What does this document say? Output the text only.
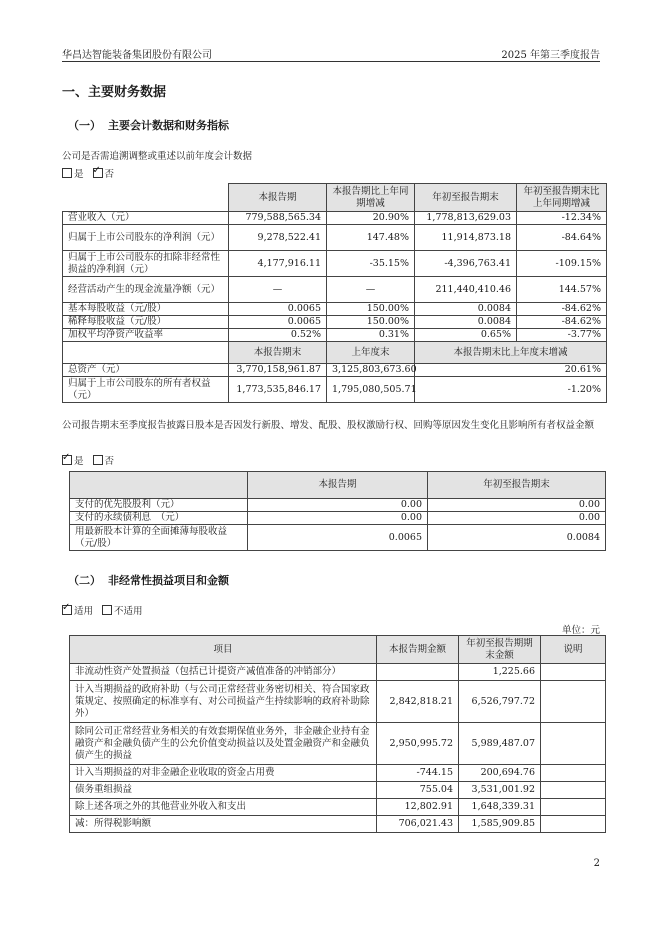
华昌达智能装备集团股份有限公司	2025 年第三季度报告
一、主要财务数据
（一） 主要会计数据和财务指标
公司是否需追溯调整或重述以前年度会计数据
是 ✓ 否
	本报告期	本报告期比上年同期增减	年初至报告期末	年初至报告期末比上年同期增减
营业收入（元）	779,588,565.34	20.90%	1,778,813,629.03	-12.34%
归属于上市公司股东的净利润（元）	9,278,522.41	147.48%	11,914,873.18	-84.64%
归属于上市公司股东的扣除非经常性损益的净利润（元）	4,177,916.11	-35.15%	-4,396,763.41	-109.15%
经营活动产生的现金流量净额（元）	—	—	211,440,410.46	144.57%
基本每股收益（元/股）	0.0065	150.00%	0.0084	-84.62%
稀释每股收益（元/股）	0.0065	150.00%	0.0084	-84.62%
加权平均净资产收益率	0.52%	0.31%	0.65%	-3.77%
	本报告期末	上年度末	本报告期末比上年度末增减	
总资产（元）	3,770,158,961.87	3,125,803,673.60	20.61%	
归属于上市公司股东的所有者权益（元）	1,773,535,846.17	1,795,080,505.71	-1.20%	
公司报告期末至季度报告披露日股本是否因发行新股、增发、配股、股权激励行权、回购等原因发生变化且影响所有者权益金额
✓是 否
	本报告期	年初至报告期末
支付的优先股股利（元）	0.00	0.00
支付的永续债利息　（元）	0.00	0.00
用最新股本计算的全面摊薄每股收益（元/股）	0.0065	0.0084
（二） 非经常性损益项目和金额
✓适用 不适用
单位：元
项目	本报告期金额	年初至报告期期末金额	说明
非流动性资产处置损益（包括已计提资产减值准备的冲销部分）		1,225.66	
计入当期损益的政府补助（与公司正常经营业务密切相关、符合国家政策规定、按照确定的标准享有、对公司损益产生持续影响的政府补助除外）	2,842,818.21	6,526,797.72	
除同公司正常经营业务相关的有效套期保值业务外，非金融企业持有金融资产和金融负债产生的公允价值变动损益以及处置金融资产和金融负债产生的损益	2,950,995.72	5,989,487.07	
计入当期损益的对非金融企业收取的资金占用费	-744.15	200,694.76	
债务重组损益	755.04	3,531,001.92	
除上述各项之外的其他营业外收入和支出	12,802.91	1,648,339.31	
减：所得税影响额	706,021.43	1,585,909.85	
2
